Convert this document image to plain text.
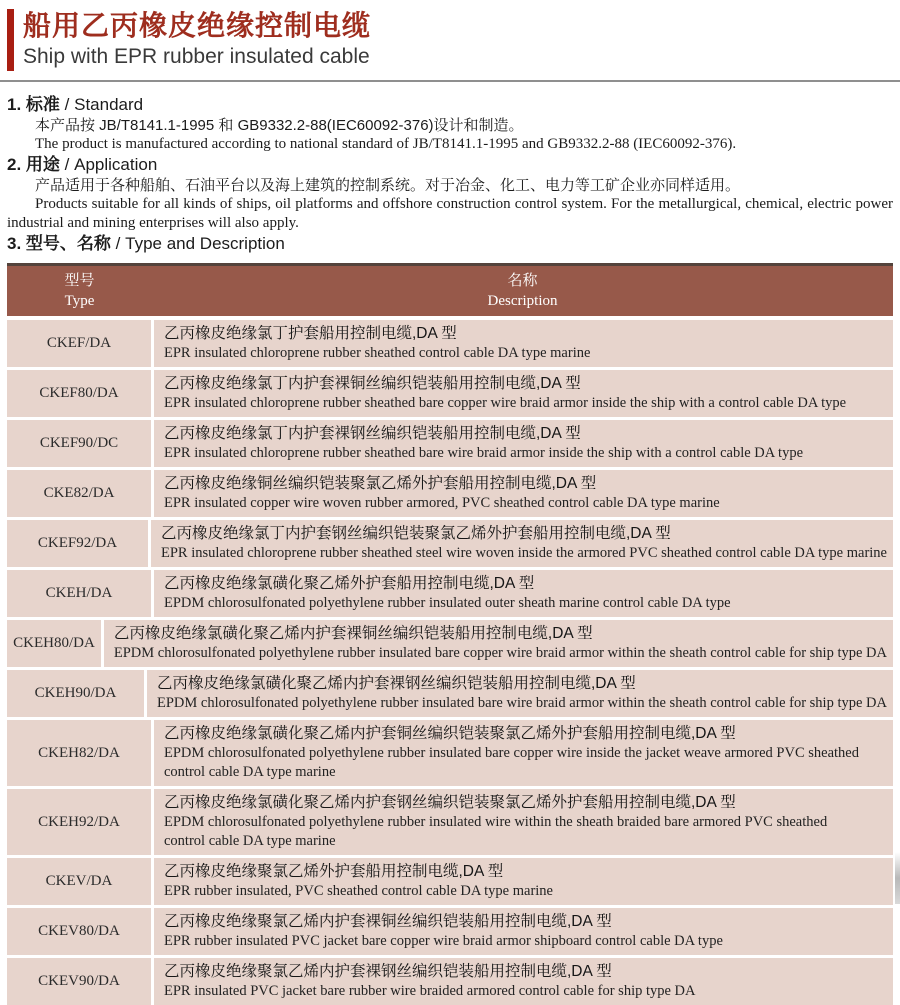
船用乙丙橡皮绝缘控制电缆
Ship with EPR rubber insulated cable
1. 标准 / Standard

本产品按 JB/T8141.1-1995 和 GB9332.2-88(IEC60092-376)设计和制造。

The product is manufactured according to national standard of JB/T8141.1-1995 and GB9332.2-88 (IEC60092-376).

2. 用途 / Application

产品适用于各种船舶、石油平台以及海上建筑的控制系统。对于冶金、化工、电力等工矿企业亦同样适用。

Products suitable for all kinds of ships, oil platforms and offshore construction control system. For the metallurgical, chemical, electric power industrial and mining enterprises will also apply.

3. 型号、名称 / Type and Description
型号
Type
名称
Description
CKEF/DA
乙丙橡皮绝缘氯丁护套船用控制电缆,DA 型
EPR insulated chloroprene rubber sheathed control cable DA type marine
CKEF80/DA
乙丙橡皮绝缘氯丁内护套裸铜丝编织铠装船用控制电缆,DA 型
EPR insulated chloroprene rubber sheathed bare copper wire braid armor inside the ship with a control cable DA type
CKEF90/DC
乙丙橡皮绝缘氯丁内护套裸钢丝编织铠装船用控制电缆,DA 型
EPR insulated chloroprene rubber sheathed bare wire braid armor inside the ship with a control cable DA type
CKE82/DA
乙丙橡皮绝缘铜丝编织铠装聚氯乙烯外护套船用控制电缆,DA 型
EPR insulated copper wire woven rubber armored, PVC sheathed control cable DA type marine
CKEF92/DA
乙丙橡皮绝缘氯丁内护套钢丝编织铠装聚氯乙烯外护套船用控制电缆,DA 型
EPR insulated chloroprene rubber sheathed steel wire woven inside the armored PVC sheathed control cable DA type marine
CKEH/DA
乙丙橡皮绝缘氯磺化聚乙烯外护套船用控制电缆,DA 型
EPDM chlorosulfonated polyethylene rubber insulated outer sheath marine control cable DA type
CKEH80/DA
乙丙橡皮绝缘氯磺化聚乙烯内护套裸铜丝编织铠装船用控制电缆,DA 型
EPDM chlorosulfonated polyethylene rubber insulated bare copper wire braid armor within the sheath control cable for ship type DA
CKEH90/DA
乙丙橡皮绝缘氯磺化聚乙烯内护套裸钢丝编织铠装船用控制电缆,DA 型
EPDM chlorosulfonated polyethylene rubber insulated bare wire braid armor within the sheath control cable for ship type DA
CKEH82/DA
乙丙橡皮绝缘氯磺化聚乙烯内护套铜丝编织铠装聚氯乙烯外护套船用控制电缆,DA 型
EPDM chlorosulfonated polyethylene rubber insulated bare copper wire inside the jacket weave armored PVC sheathed control cable DA type marine
CKEH92/DA
乙丙橡皮绝缘氯磺化聚乙烯内护套钢丝编织铠装聚氯乙烯外护套船用控制电缆,DA 型
EPDM chlorosulfonated polyethylene rubber insulated wire within the sheath braided bare armored PVC sheathed control cable DA type marine
CKEV/DA
乙丙橡皮绝缘聚氯乙烯外护套船用控制电缆,DA 型
EPR rubber insulated, PVC sheathed control cable DA type marine
CKEV80/DA
乙丙橡皮绝缘聚氯乙烯内护套裸铜丝编织铠装船用控制电缆,DA 型
EPR rubber insulated PVC jacket bare copper wire braid armor shipboard control cable DA type
CKEV90/DA
乙丙橡皮绝缘聚氯乙烯内护套裸钢丝编织铠装船用控制电缆,DA 型
EPR insulated PVC jacket bare rubber wire braided armored control cable for ship type DA
